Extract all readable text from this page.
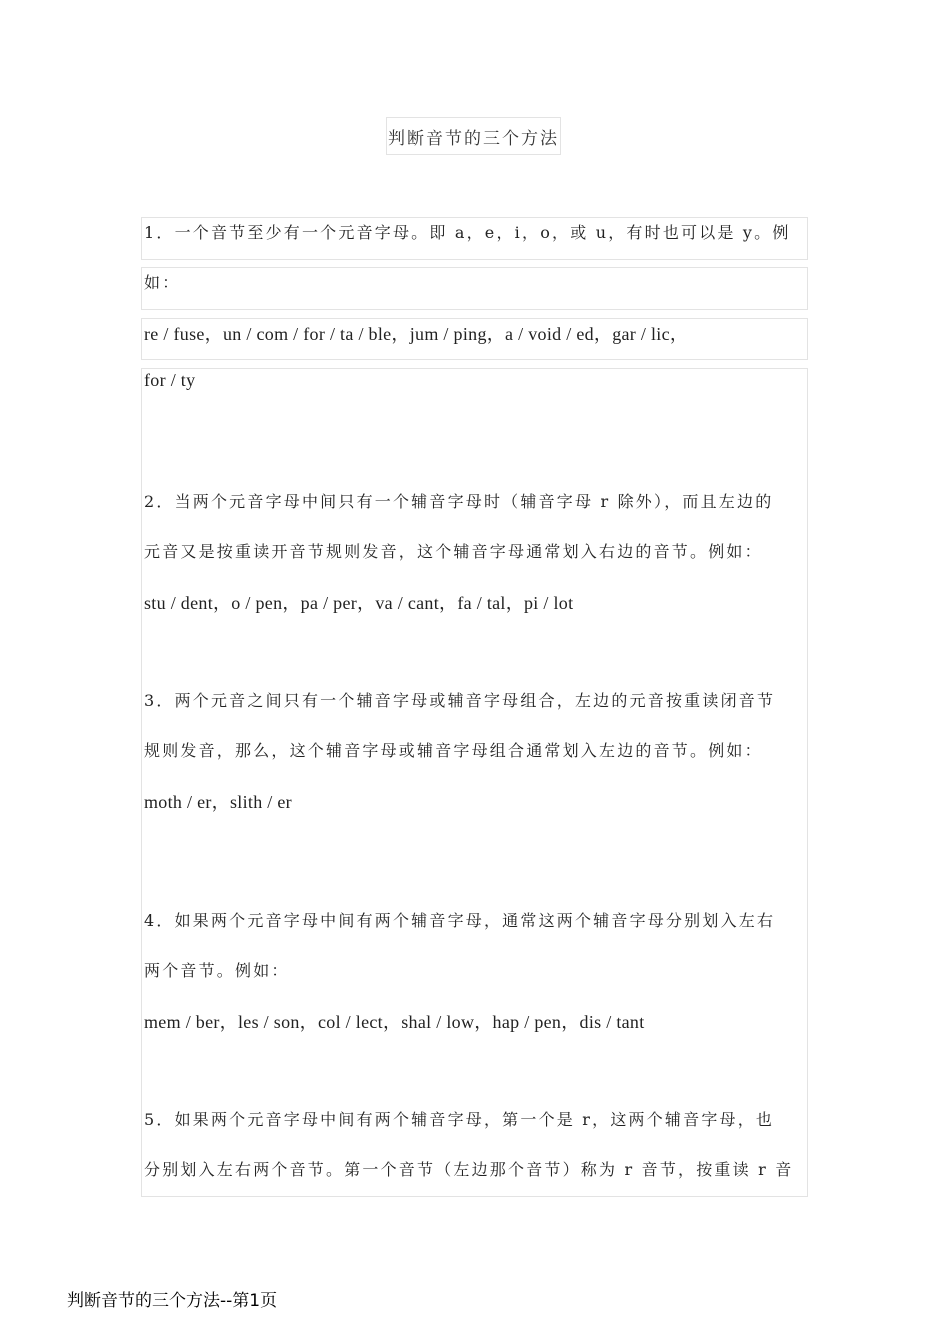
判断音节的三个方法
1．一个音节至少有一个元音字母。即 a，e，i，o，或 u，有时也可以是 y。例
如：
re / fuse，un / com / for / ta / ble，jum / ping，a / void / ed，gar / lic，
for / ty
2．当两个元音字母中间只有一个辅音字母时（辅音字母 r 除外），而且左边的
元音又是按重读开音节规则发音，这个辅音字母通常划入右边的音节。例如：
stu / dent，o / pen，pa / per，va / cant，fa / tal，pi / lot
3．两个元音之间只有一个辅音字母或辅音字母组合，左边的元音按重读闭音节
规则发音，那么，这个辅音字母或辅音字母组合通常划入左边的音节。例如：
moth / er，slith / er
4．如果两个元音字母中间有两个辅音字母，通常这两个辅音字母分别划入左右
两个音节。例如：
mem / ber，les / son，col / lect，shal / low，hap / pen，dis / tant
5．如果两个元音字母中间有两个辅音字母，第一个是 r，这两个辅音字母，也
分别划入左右两个音节。第一个音节（左边那个音节）称为 r 音节，按重读 r 音
判断音节的三个方法--第1页
